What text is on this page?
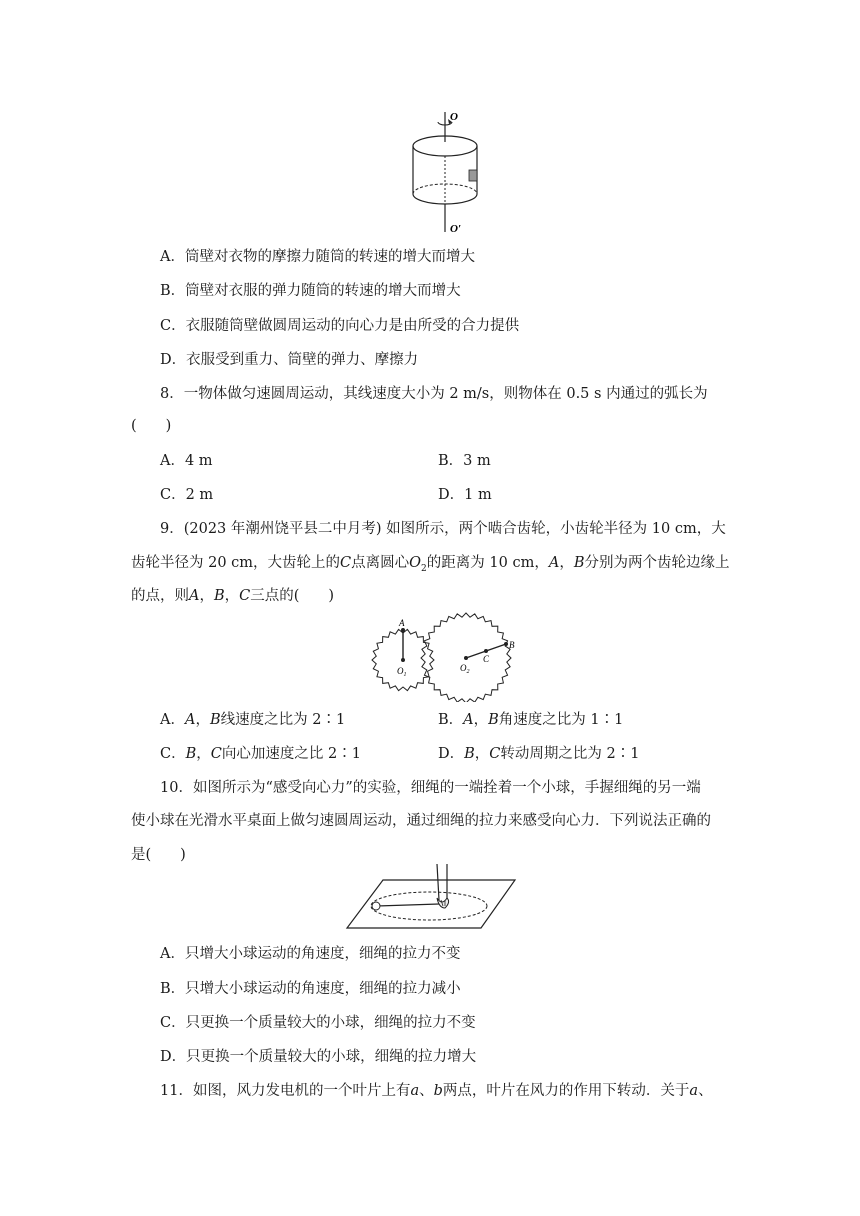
O
O′
A．筒壁对衣物的摩擦力随筒的转速的增大而增大
B．筒壁对衣服的弹力随筒的转速的增大而增大
C．衣服随筒壁做圆周运动的向心力是由所受的合力提供
D．衣服受到重力、筒壁的弹力、摩擦力
8．一物体做匀速圆周运动，其线速度大小为 2 m/s，则物体在 0.5 s 内通过的弧长为
(　　)
A．4 m	B．3 m
C．2 m	D．1 m
9．(2023 年潮州饶平县二中月考) 如图所示，两个啮合齿轮，小齿轮半径为 10 cm，大
齿轮半径为 20 cm，大齿轮上的C点离圆心$O_2$的距离为 10 cm，A，B分别为两个齿轮边缘上
的点，则A，B，C三点的(　　)
A
B
C
$O_1$
$O_2$
A．A，B线速度之比为 2∶1	B．A，B角速度之比为 1∶1
C．B，C向心加速度之比 2∶1	D．B，C转动周期之比为 2∶1
10．如图所示为“感受向心力”的实验，细绳的一端拴着一个小球，手握细绳的另一端
使小球在光滑水平桌面上做匀速圆周运动，通过细绳的拉力来感受向心力．下列说法正确的
是(　　)
A．只增大小球运动的角速度，细绳的拉力不变
B．只增大小球运动的角速度，细绳的拉力减小
C．只更换一个质量较大的小球，细绳的拉力不变
D．只更换一个质量较大的小球，细绳的拉力增大
11．如图，风力发电机的一个叶片上有a、b两点，叶片在风力的作用下转动．关于a、
